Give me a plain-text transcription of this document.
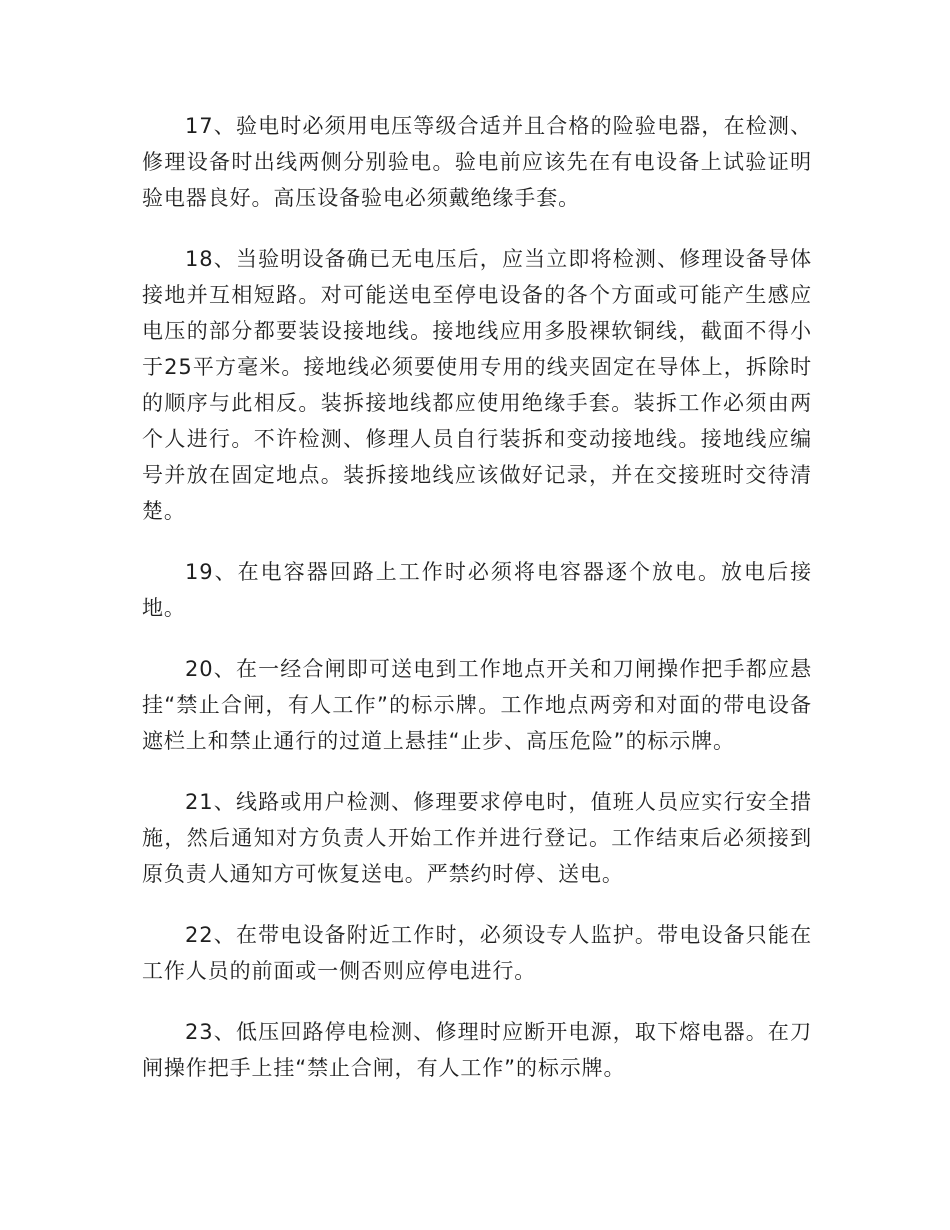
17、验电时必须用电压等级合适并且合格的险验电器，在检测、修理设备时出线两侧分别验电。验电前应该先在有电设备上试验证明验电器良好。高压设备验电必须戴绝缘手套。

18、当验明设备确已无电压后，应当立即将检测、修理设备导体接地并互相短路。对可能送电至停电设备的各个方面或可能产生感应电压的部分都要装设接地线。接地线应用多股裸软铜线，截面不得小于25平方毫米。接地线必须要使用专用的线夹固定在导体上，拆除时的顺序与此相反。装拆接地线都应使用绝缘手套。装拆工作必须由两个人进行。不许检测、修理人员自行装拆和变动接地线。接地线应编号并放在固定地点。装拆接地线应该做好记录，并在交接班时交待清楚。

19、在电容器回路上工作时必须将电容器逐个放电。放电后接地。

20、在一经合闸即可送电到工作地点开关和刀闸操作把手都应悬挂“禁止合闸，有人工作”的标示牌。工作地点两旁和对面的带电设备遮栏上和禁止通行的过道上悬挂“止步、高压危险”的标示牌。

21、线路或用户检测、修理要求停电时，值班人员应实行安全措施，然后通知对方负责人开始工作并进行登记。工作结束后必须接到原负责人通知方可恢复送电。严禁约时停、送电。

22、在带电设备附近工作时，必须设专人监护。带电设备只能在工作人员的前面或一侧否则应停电进行。

23、低压回路停电检测、修理时应断开电源，取下熔电器。在刀闸操作把手上挂“禁止合闸，有人工作”的标示牌。
